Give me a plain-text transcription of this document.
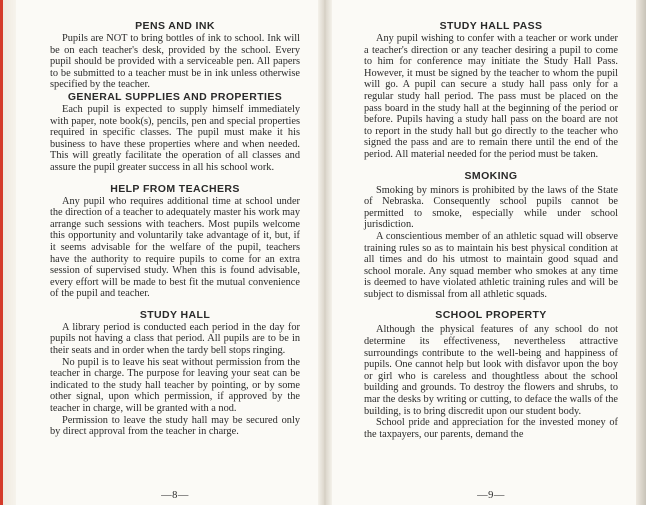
PENS AND INK

Pupils are NOT to bring bottles of ink to school. Ink will be on each teacher's desk, provided by the school. Every pupil should be provided with a serviceable pen. All papers to be submitted to a teacher must be in ink unless otherwise specified by the teacher.

GENERAL SUPPLIES AND PROPERTIES

Each pupil is expected to supply himself immediately with paper, note book(s), pencils, pen and special properties required in specific classes. The pupil must make it his business to have these properties where and when needed. This will greatly facilitate the operation of all classes and assure the pupil greater success in all his school work.

HELP FROM TEACHERS

Any pupil who requires additional time at school under the direction of a teacher to adequately master his work may arrange such sessions with teachers. Most pupils welcome this opportunity and voluntarily take advantage of it, but, if it seems advisable for the welfare of the pupil, teachers have the authority to require pupils to come for an extra session of supervised study. When this is found advisable, every effort will be made to best fit the mutual convenience of the pupil and teacher.

STUDY HALL

A library period is conducted each period in the day for pupils not having a class that period. All pupils are to be in their seats and in order when the tardy bell stops ringing.

No pupil is to leave his seat without permission from the teacher in charge. The purpose for leaving your seat can be indicated to the study hall teacher by pointing, or by some other signal, upon which permission, if approved by the teacher in charge, will be granted with a nod.

Permission to leave the study hall may be secured only by direct approval from the teacher in charge.

—8—
STUDY HALL PASS

Any pupil wishing to confer with a teacher or work under a teacher's direction or any teacher desiring a pupil to come to him for conference may initiate the Study Hall Pass. However, it must be signed by the teacher to whom the pupil will go. A pupil can secure a study hall pass only for a regular study hall period. The pass must be placed on the pass board in the study hall at the beginning of the period or before. Pupils having a study hall pass on the board are not to report in the study hall but go directly to the teacher who signed the pass and are to remain there until the end of the period. All material needed for the period must be taken.

SMOKING

Smoking by minors is prohibited by the laws of the State of Nebraska. Consequently school pupils cannot be permitted to smoke, especially while under school jurisdiction.

A conscientious member of an athletic squad will observe training rules so as to maintain his best physical condition at all times and do his utmost to maintain good squad and school morale. Any squad member who smokes at any time is deemed to have violated athletic training rules and will be subject to dismissal from all athletic squads.

SCHOOL PROPERTY

Although the physical features of any school do not determine its effectiveness, nevertheless attractive surroundings contribute to the well-being and happiness of pupils. One cannot help but look with disfavor upon the boy or girl who is careless and thoughtless about the school building and grounds. To destroy the flowers and shrubs, to mar the desks by writing or cutting, to deface the walls of the building, is to bring discredit upon our student body.

School pride and appreciation for the invested money of the taxpayers, our parents, demand the

—9—
